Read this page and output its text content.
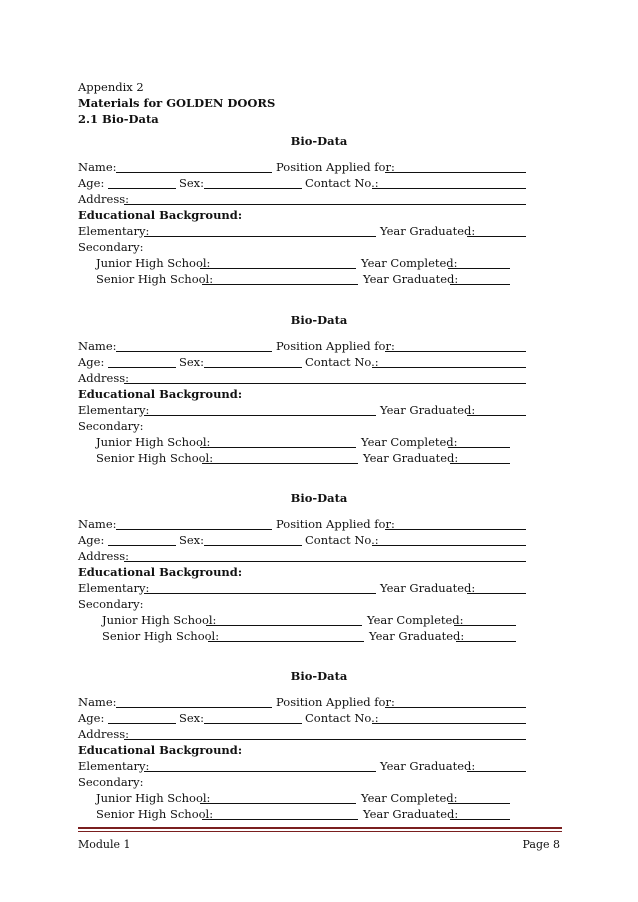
Appendix 2
Materials for GOLDEN DOORS
2.1 Bio-Data
Bio-Data
Name:	Position Applied for:
Age:	Sex:	Contact No.:
Address:
Educational Background:
Elementary:	Year Graduated:
Secondary:
Junior High School:	Year Completed:
Senior High School:	Year Graduated:
Bio-Data
Name:	Position Applied for:
Age:	Sex:	Contact No.:
Address:
Educational Background:
Elementary:	Year Graduated:
Secondary:
Junior High School:	Year Completed:
Senior High School:	Year Graduated:
Bio-Data
Name:	Position Applied for:
Age:	Sex:	Contact No.:
Address:
Educational Background:
Elementary:	Year Graduated:
Secondary:
Junior High School:	Year Completed:
Senior High School:	Year Graduated:
Bio-Data
Name:	Position Applied for:
Age:	Sex:	Contact No.:
Address:
Educational Background:
Elementary:	Year Graduated:
Secondary:
Junior High School:	Year Completed:
Senior High School:	Year Graduated:
Module 1	Page 8
